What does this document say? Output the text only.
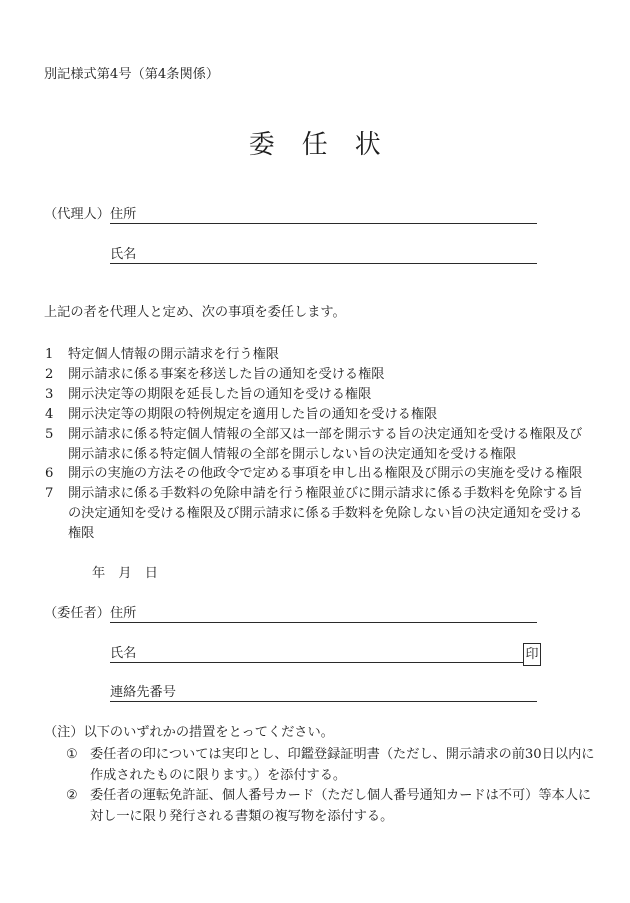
別記様式第4号（第4条関係）
委　任　状
（代理人） 住所
氏名
上記の者を代理人と定め、次の事項を委任します。
1	特定個人情報の開示請求を行う権限
2	開示請求に係る事案を移送した旨の通知を受ける権限
3	開示決定等の期限を延長した旨の通知を受ける権限
4	開示決定等の期限の特例規定を適用した旨の通知を受ける権限
5	開示請求に係る特定個人情報の全部又は一部を開示する旨の決定通知を受ける権限及び
開示請求に係る特定個人情報の全部を開示しない旨の決定通知を受ける権限
6	開示の実施の方法その他政令で定める事項を申し出る権限及び開示の実施を受ける権限
7	開示請求に係る手数料の免除申請を行う権限並びに開示請求に係る手数料を免除する旨
の決定通知を受ける権限及び開示請求に係る手数料を免除しない旨の決定通知を受ける
権限
年　月　日
（委任者） 住所
氏名	印
連絡先番号
（注）以下のいずれかの措置をとってください。
① 委任者の印については実印とし、印鑑登録証明書（ただし、開示請求の前30日以内に
作成されたものに限ります。）を添付する。
② 委任者の運転免許証、個人番号カード（ただし個人番号通知カードは不可）等本人に
対し一に限り発行される書類の複写物を添付する。
